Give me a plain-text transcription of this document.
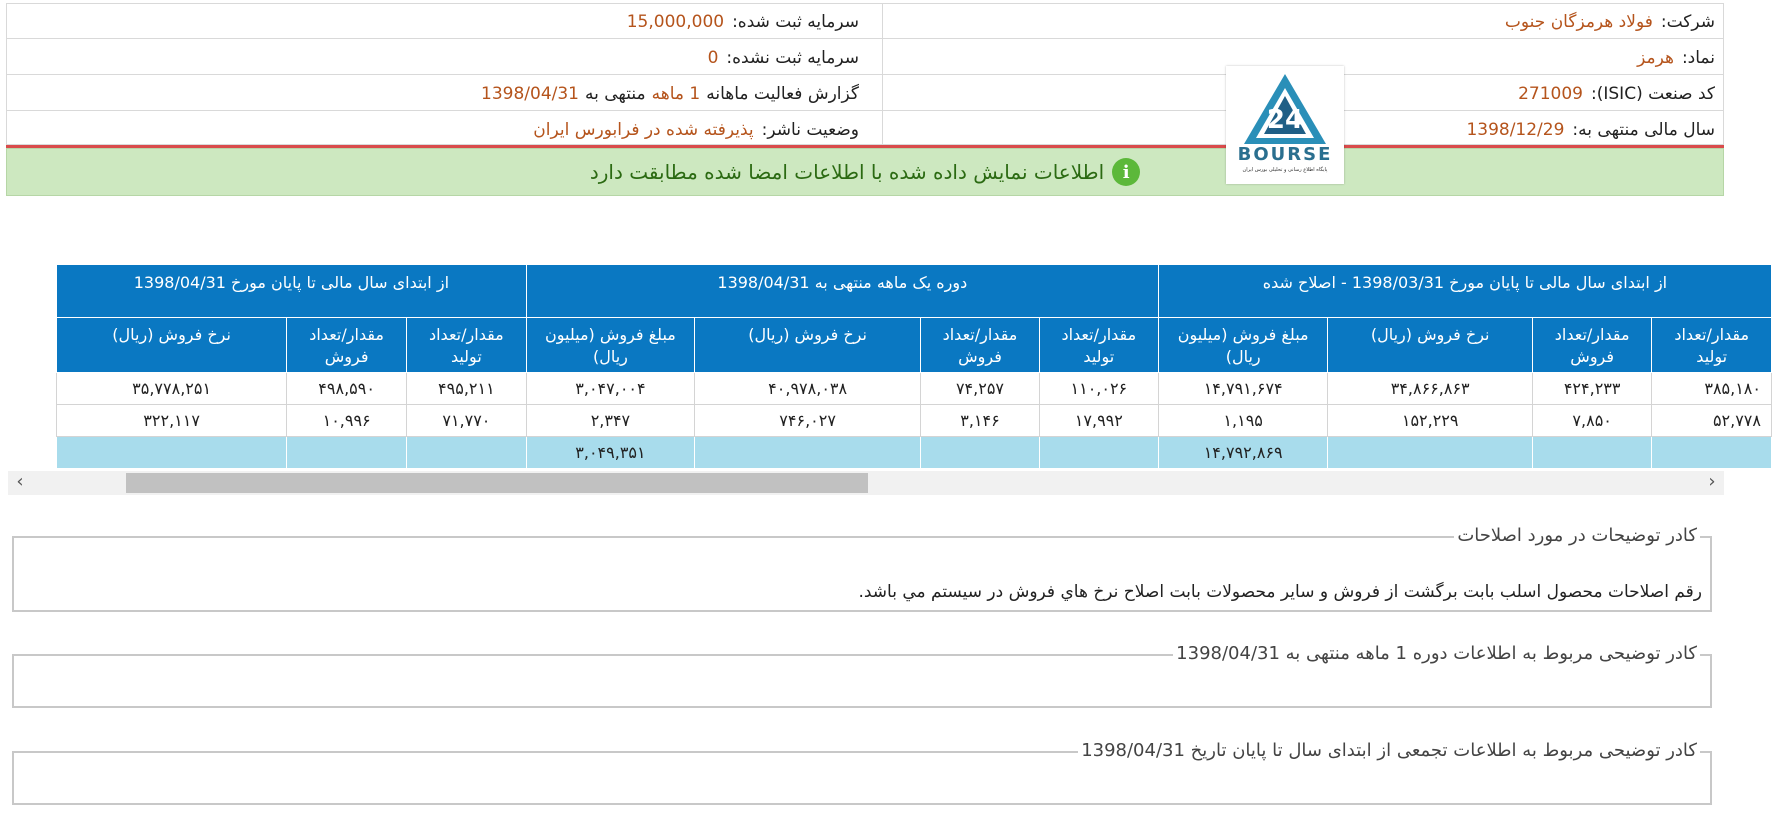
شرکت:
فولاد هرمزگان جنوب
سرمایه ثبت شده:
15,000,000
نماد:
هرمز
سرمایه ثبت نشده:
0
کد صنعت (ISIC):
271009
گزارش فعالیت ماهانه
1 ماهه
منتهی به
1398/04/31
سال مالی منتهی به:
1398/12/29
وضعیت ناشر:
پذیرفته شده در فرابورس ایران
i
اطلاعات نمایش داده شده با اطلاعات امضا شده مطابقت دارد
24
BOURSE
پایگاه اطلاع رسانی و تحلیلی بورس ایران
از ابتدای سال مالی تا پایان مورخ 1398/03/31 - اصلاح شده				دوره یک ماهه منتهی به 1398/04/31				از ابتدای سال مالی تا پایان مورخ 1398/04/31		
مقدار/تعداد تولید	مقدار/تعداد فروش	نرخ فروش (ریال)	مبلغ فروش (میلیون ریال)	مقدار/تعداد تولید	مقدار/تعداد فروش	نرخ فروش (ریال)	مبلغ فروش (میلیون ریال)	مقدار/تعداد تولید	مقدار/تعداد فروش	نرخ فروش (ریال)
۳۸۵,۱۸۰	۴۲۴,۲۳۳	۳۴,۸۶۶,۸۶۳	۱۴,۷۹۱,۶۷۴	۱۱۰,۰۲۶	۷۴,۲۵۷	۴۰,۹۷۸,۰۳۸	۳,۰۴۷,۰۰۴	۴۹۵,۲۱۱	۴۹۸,۵۹۰	۳۵,۷۷۸,۲۵۱
۵۲,۷۷۸	۷,۸۵۰	۱۵۲,۲۲۹	۱,۱۹۵	۱۷,۹۹۲	۳,۱۴۶	۷۴۶,۰۲۷	۲,۳۴۷	۷۱,۷۷۰	۱۰,۹۹۶	۳۲۲,۱۱۷
			۱۴,۷۹۲,۸۶۹				۳,۰۴۹,۳۵۱			
‹	›
کادر توضیحات در مورد اصلاحات
رقم اصلاحات محصول اسلب بابت برگشت از فروش و سایر محصولات بابت اصلاح نرخ هاي فروش در سيستم مي باشد.
کادر توضیحی مربوط به اطلاعات دوره 1 ماهه منتهی به 1398/04/31
کادر توضیحی مربوط به اطلاعات تجمعی از ابتدای سال تا پایان تاریخ 1398/04/31
